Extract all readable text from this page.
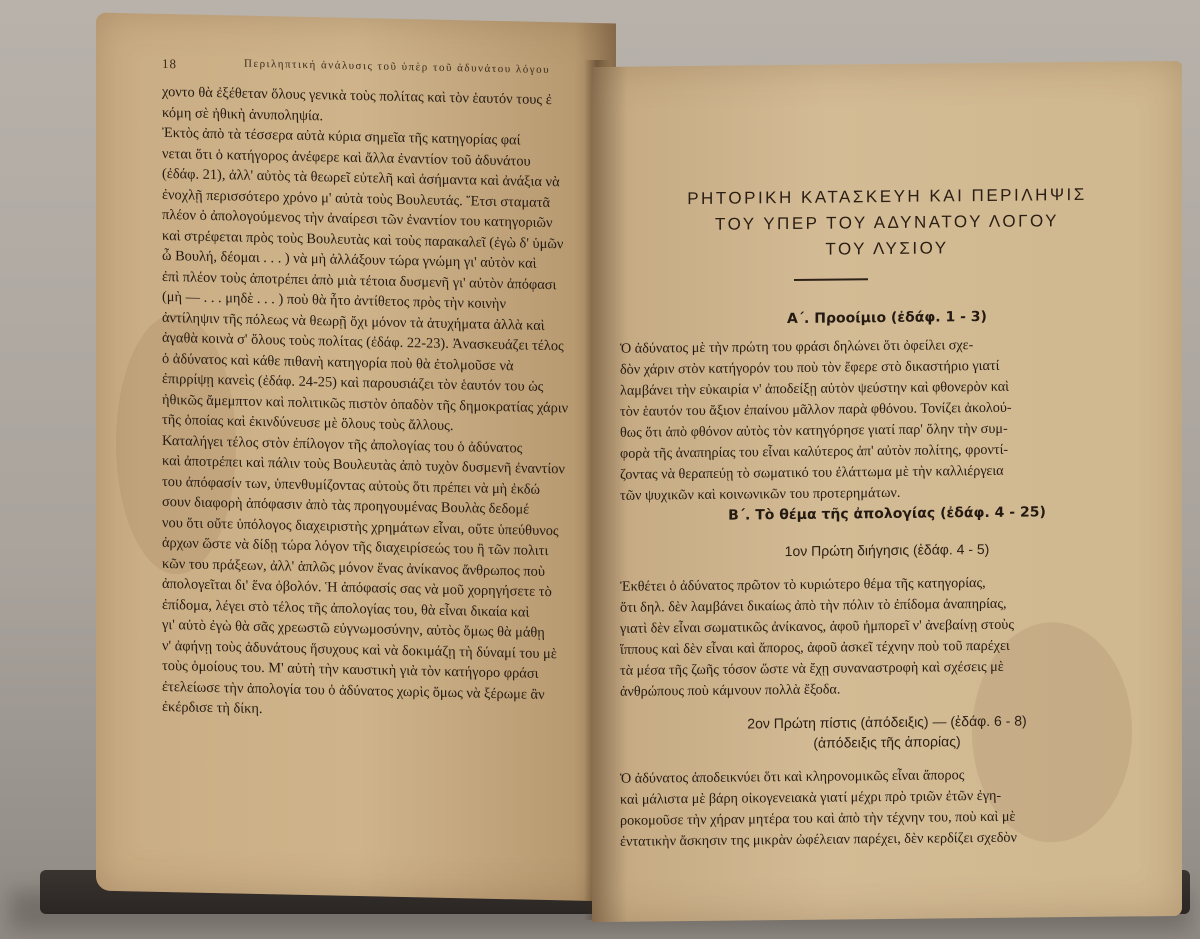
18	Περιληπτική ἀνάλυσις τοῦ ὑπὲρ τοῦ ἀδυνάτου λόγου
χοντο θὰ ἐξέθεταν ὅλους γενικὰ τοὺς πολίτας καὶ τὸν ἑαυτόν τους ἐ
κόμη σὲ ἠθικὴ ἀνυποληψία.
Ἐκτὸς ἀπὸ τὰ τέσσερα αὐτὰ κύρια σημεῖα τῆς κατηγορίας φαί
νεται ὅτι ὁ κατήγορος ἀνέφερε καὶ ἄλλα ἐναντίον τοῦ ἀδυνάτου
(ἐδάφ. 21), ἀλλ' αὐτὸς τὰ θεωρεῖ εὐτελῆ καὶ ἀσήμαντα καὶ ἀνάξια νὰ
ἐνοχλῇ περισσότερο χρόνο μ' αὐτὰ τοὺς Βουλευτάς. Ἔτσι σταματᾶ
πλέον ὁ ἀπολογούμενος τὴν ἀναίρεσι τῶν ἐναντίον του κατηγοριῶν
καὶ στρέφεται πρὸς τοὺς Βουλευτὰς καὶ τοὺς παρακαλεῖ (ἐγὼ δ' ὑμῶν
ὦ Βουλή, δέομαι . . . ) νὰ μὴ ἀλλάξουν τώρα γνώμη γι' αὐτὸν καὶ
ἐπὶ πλέον τοὺς ἀποτρέπει ἀπὸ μιὰ τέτοια δυσμενῆ γι' αὐτὸν ἀπόφασι
(μὴ — . . . μηδὲ . . . ) ποὺ θὰ ἦτο ἀντίθετος πρὸς τὴν κοινὴν
ἀντίληψιν τῆς πόλεως νὰ θεωρῇ ὄχι μόνον τὰ ἀτυχήματα ἀλλὰ καὶ
ἀγαθὰ κοινὰ σ' ὅλους τοὺς πολίτας (ἐδάφ. 22-23). Ἀνασκευάζει τέλος
ὁ ἀδύνατος καὶ κάθε πιθανὴ κατηγορία ποὺ θὰ ἐτολμοῦσε νὰ
ἐπιρρίψῃ κανεὶς (ἐδάφ. 24-25) καὶ παρουσιάζει τὸν ἑαυτόν του ὡς
ἠθικῶς ἄμεμπτον καὶ πολιτικῶς πιστὸν ὀπαδὸν τῆς δημοκρατίας χάριν
τῆς ὁποίας καὶ ἐκινδύνευσε μὲ ὅλους τοὺς ἄλλους.
Καταλήγει τέλος στὸν ἐπίλογον τῆς ἀπολογίας του ὁ ἀδύνατος
καὶ ἀποτρέπει καὶ πάλιν τοὺς Βουλευτὰς ἀπὸ τυχὸν δυσμενῆ ἐναντίον
του ἀπόφασίν των, ὑπενθυμίζοντας αὐτοὺς ὅτι πρέπει νὰ μὴ ἐκδώ
σουν διαφορὴ ἀπόφασιν ἀπὸ τὰς προηγουμένας Βουλὰς δεδομέ
νου ὅτι οὔτε ὑπόλογος διαχειριστὴς χρημάτων εἶναι, οὔτε ὑπεύθυνος
ἀρχων ὥστε νὰ δίδῃ τώρα λόγον τῆς διαχειρίσεώς του ἢ τῶν πολιτι
κῶν του πράξεων, ἀλλ' ἁπλῶς μόνον ἕνας ἀνίκανος ἄνθρωπος ποὺ
ἀπολογεῖται δι' ἕνα ὀβολόν. Ἡ ἀπόφασίς σας νὰ μοῦ χορηγήσετε τὸ
ἐπίδομα, λέγει στὸ τέλος τῆς ἀπολογίας του, θὰ εἶναι δικαία καὶ
γι' αὐτὸ ἐγὼ θὰ σᾶς χρεωστῶ εὐγνωμοσύνην, αὐτὸς ὅμως θὰ μάθῃ
ν' ἀφήνῃ τοὺς ἀδυνάτους ἥσυχους καὶ νὰ δοκιμάζῃ τὴ δύναμί του μὲ
τοὺς ὁμοίους του. Μ' αὐτὴ τὴν καυστικὴ γιὰ τὸν κατήγορο φράσι
ἐτελείωσε τὴν ἀπολογία του ὁ ἀδύνατος χωρὶς ὅμως νὰ ξέρωμε ἂν
ἐκέρδισε τὴ δίκη.
ΡΗΤΟΡΙΚΗ ΚΑΤΑΣΚΕΥΗ ΚΑΙ ΠΕΡΙΛΗΨΙΣ
ΤΟΥ ΥΠΕΡ ΤΟΥ ΑΔΥΝΑΤΟΥ ΛΟΓΟΥ
ΤΟΥ ΛΥΣΙΟΥ
Α΄. Προοίμιο (ἐδάφ. 1 - 3)
Ὁ ἀδύνατος μὲ τὴν πρώτη του φράσι δηλώνει ὅτι ὀφείλει σχε-
δὸν χάριν στὸν κατήγορόν του ποὺ τὸν ἔφερε στὸ δικαστήριο γιατί
λαμβάνει τὴν εὐκαιρία ν' ἀποδείξῃ αὐτὸν ψεύστην καὶ φθονερὸν καὶ
τὸν ἑαυτόν του ἄξιον ἐπαίνου μᾶλλον παρὰ φθόνου. Τονίζει ἀκολού-
θως ὅτι ἀπὸ φθόνον αὐτὸς τὸν κατηγόρησε γιατί παρ' ὅλην τὴν συμ-
φορὰ τῆς ἀναπηρίας του εἶναι καλύτερος ἀπ' αὐτὸν πολίτης, φροντί-
ζοντας νὰ θεραπεύῃ τὸ σωματικό του ἐλάττωμα μὲ τὴν καλλιέργεια
τῶν ψυχικῶν καὶ κοινωνικῶν του προτερημάτων.
Β΄. Τὸ θέμα τῆς ἀπολογίας (ἐδάφ. 4 - 25)
1ον Πρώτη διήγησις (ἐδάφ. 4 - 5)
Ἐκθέτει ὁ ἀδύνατος πρῶτον τὸ κυριώτερο θέμα τῆς κατηγορίας,
ὅτι δηλ. δὲν λαμβάνει δικαίως ἀπὸ τὴν πόλιν τὸ ἐπίδομα ἀναπηρίας,
γιατὶ δὲν εἶναι σωματικῶς ἀνίκανος, ἀφοῦ ἠμπορεῖ ν' ἀνεβαίνῃ στοὺς
ἵππους καὶ δὲν εἶναι καὶ ἄπορος, ἀφοῦ ἀσκεῖ τέχνην ποὺ τοῦ παρέχει
τὰ μέσα τῆς ζωῆς τόσον ὥστε νὰ ἔχῃ συναναστροφὴ καὶ σχέσεις μὲ
ἀνθρώπους ποὺ κάμνουν πολλὰ ἔξοδα.
2ον Πρώτη πίστις (ἀπόδειξις) — (ἐδάφ. 6 - 8)
(ἀπόδειξις τῆς ἀπορίας)
Ὁ ἀδύνατος ἀποδεικνύει ὅτι καὶ κληρονομικῶς εἶναι ἄπορος
καὶ μάλιστα μὲ βάρη οἰκογενειακὰ γιατί μέχρι πρὸ τριῶν ἐτῶν ἐγη-
ροκομοῦσε τὴν χήραν μητέρα του καὶ ἀπὸ τὴν τέχνην του, ποὺ καὶ μὲ
ἐντατικὴν ἄσκησιν της μικρὰν ὠφέλειαν παρέχει, δὲν κερδίζει σχεδὸν
